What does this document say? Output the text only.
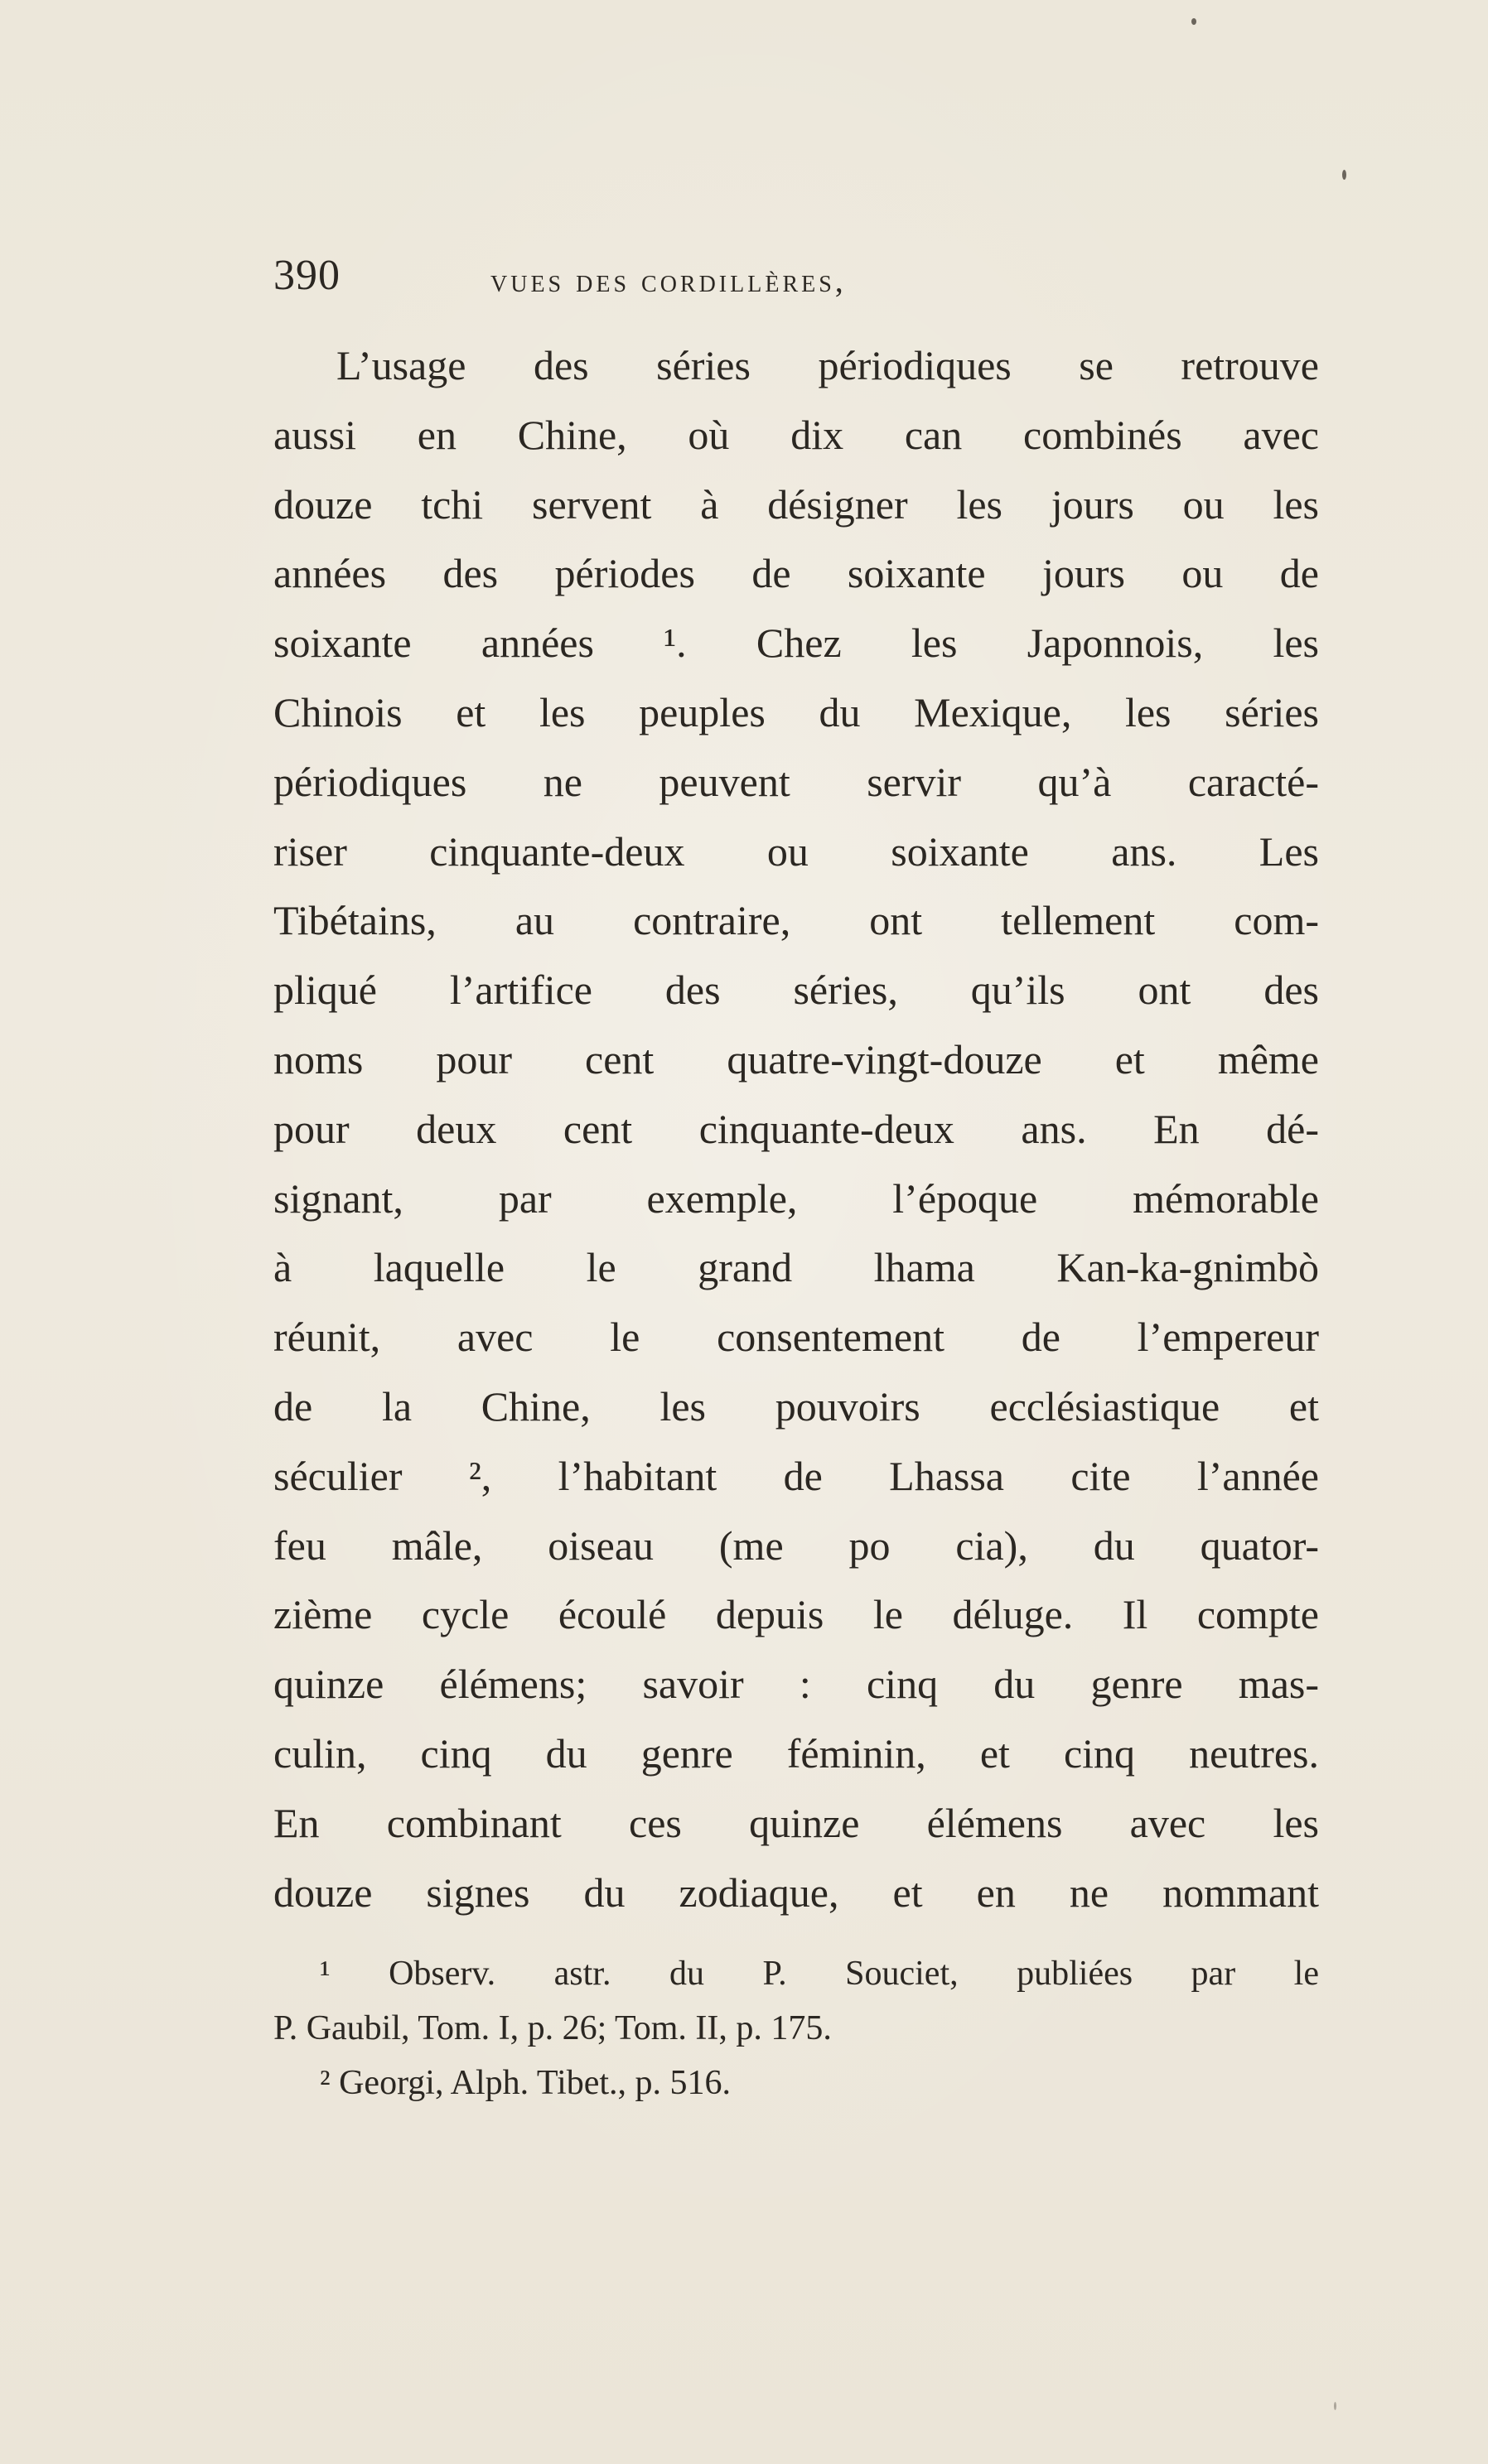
390	vues des cordillères,
L’usage des séries périodiques se retrouve
aussi en Chine, où dix can combinés avec
douze tchi servent à désigner les jours ou les
années des périodes de soixante jours ou de
soixante années ¹. Chez les Japonnois, les
Chinois et les peuples du Mexique, les séries
périodiques ne peuvent servir qu’à caracté-
riser cinquante-deux ou soixante ans. Les
Tibétains, au contraire, ont tellement com-
pliqué l’artifice des séries, qu’ils ont des
noms pour cent quatre-vingt-douze et même
pour deux cent cinquante-deux ans. En dé-
signant, par exemple, l’époque mémorable
à laquelle le grand lhama Kan-ka-gnimbò
réunit, avec le consentement de l’empereur
de la Chine, les pouvoirs ecclésiastique et
séculier ², l’habitant de Lhassa cite l’année
feu mâle, oiseau (me po cia), du quator-
zième cycle écoulé depuis le déluge. Il compte
quinze élémens; savoir : cinq du genre mas-
culin, cinq du genre féminin, et cinq neutres.
En combinant ces quinze élémens avec les
douze signes du zodiaque, et en ne nommant
¹ Observ. astr. du P. Souciet, publiées par le
P. Gaubil, Tom. I, p. 26; Tom. II, p. 175.
² Georgi, Alph. Tibet., p. 516.
